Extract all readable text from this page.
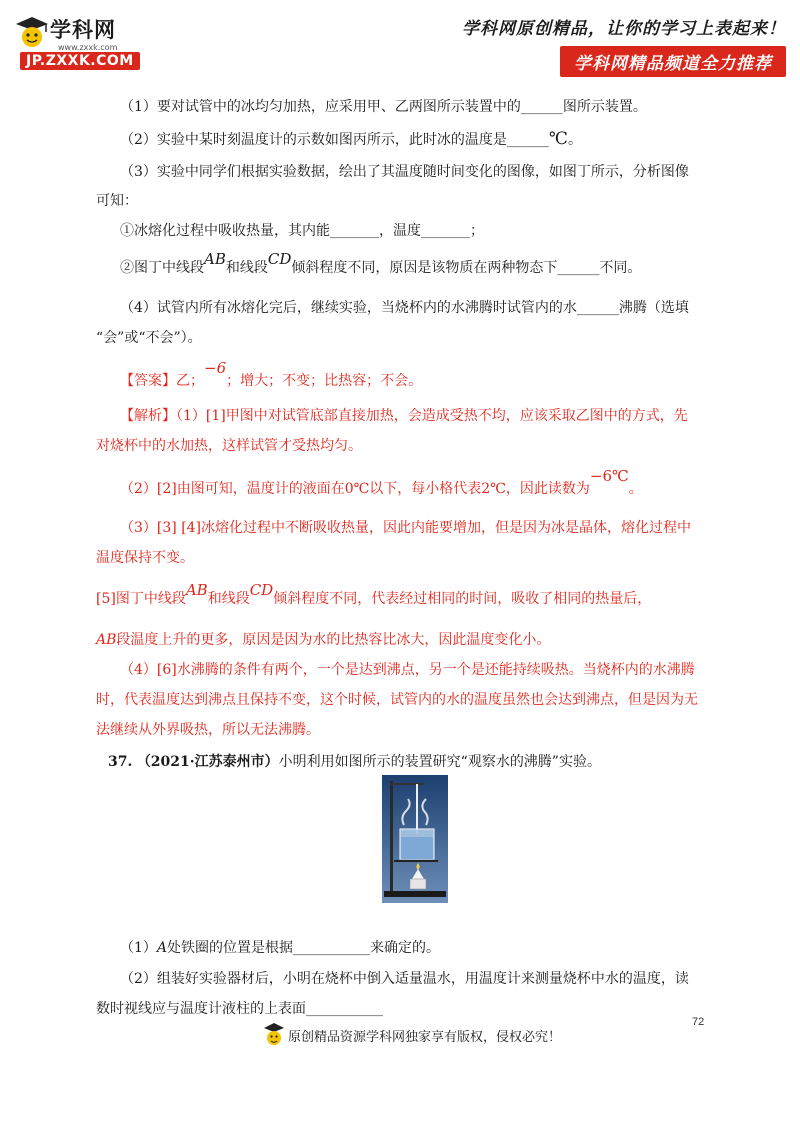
学科网
www.zxxk.com
JP.ZXXK.COM
学科网原创精品，让你的学习上表起来！
学科网精品频道全力推荐
（1）要对试管中的冰均匀加热，应采用甲、乙两图所示装置中的______图所示装置。
（2）实验中某时刻温度计的示数如图丙所示，此时冰的温度是______℃。
（3）实验中同学们根据实验数据，绘出了其温度随时间变化的图像，如图丁所示，分析图像
可知：
①冰熔化过程中吸收热量，其内能_______，温度_______；
②图丁中线段AB和线段CD倾斜程度不同，原因是该物质在两种物态下______不同。
（4）试管内所有冰熔化完后，继续实验，当烧杯内的水沸腾时试管内的水______沸腾（选填
“会”或“不会”）。
【答案】乙；−6；增大；不变；比热容；不会。
【解析】（1）[1]甲图中对试管底部直接加热，会造成受热不均，应该采取乙图中的方式，先
对烧杯中的水加热，这样试管才受热均匀。
（2）[2]由图可知，温度计的液面在0℃以下，每小格代表2℃，因此读数为−6℃。
（3）[3] [4]冰熔化过程中不断吸收热量，因此内能要增加，但是因为冰是晶体，熔化过程中
温度保持不变。
[5]图丁中线段AB和线段CD倾斜程度不同，代表经过相同的时间，吸收了相同的热量后，
AB段温度上升的更多，原因是因为水的比热容比冰大，因此温度变化小。
（4）[6]水沸腾的条件有两个，一个是达到沸点，另一个是还能持续吸热。当烧杯内的水沸腾
时，代表温度达到沸点且保持不变，这个时候，试管内的水的温度虽然也会达到沸点，但是因为无
法继续从外界吸热，所以无法沸腾。
37. （2021·江苏泰州市）小明利用如图所示的装置研究“观察水的沸腾”实验。
（1）A处铁圈的位置是根据___________来确定的。
（2）组装好实验器材后，小明在烧杯中倒入适量温水，用温度计来测量烧杯中水的温度，读
数时视线应与温度计液柱的上表面___________
72
原创精品资源学科网独家享有版权，侵权必究！
